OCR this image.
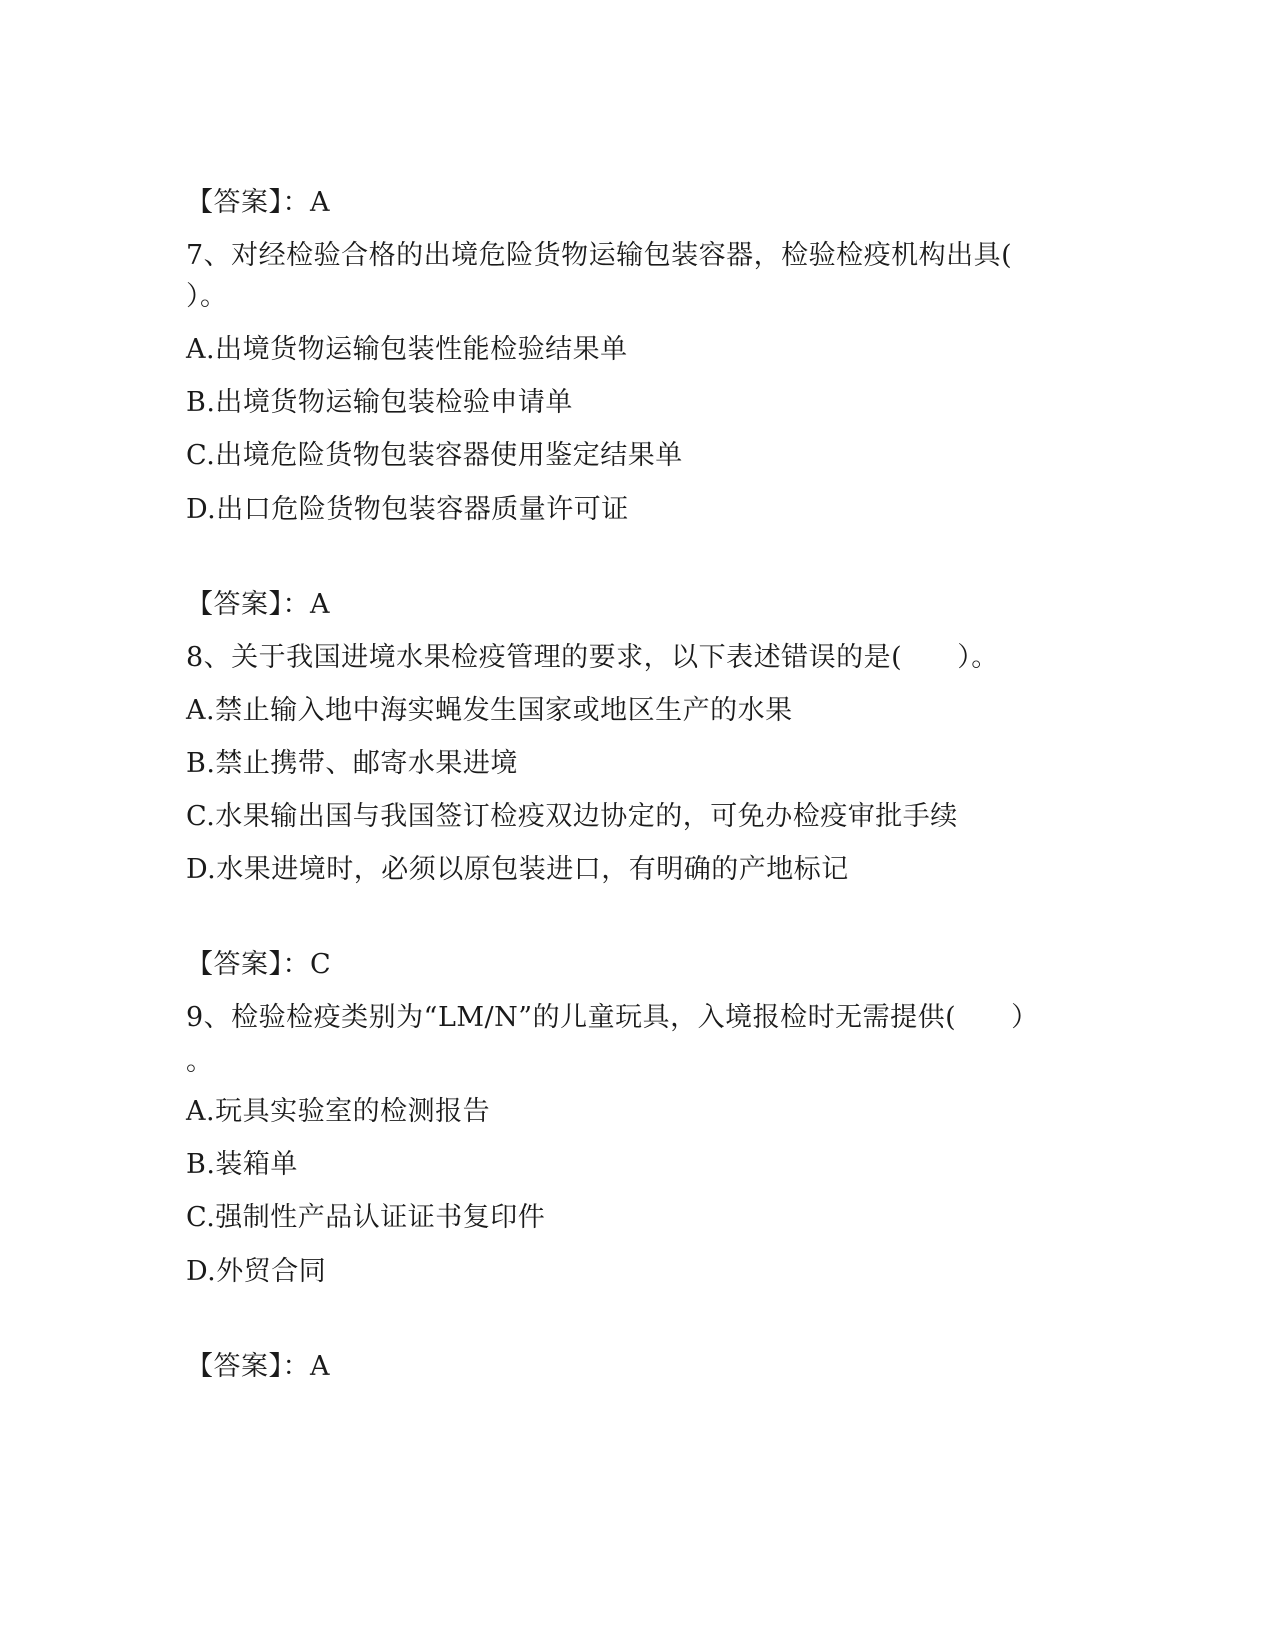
【答案】：A
7、对经检验合格的出境危险货物运输包装容器，检验检疫机构出具(
）。
A.出境货物运输包装性能检验结果单
B.出境货物运输包装检验申请单
C.出境危险货物包装容器使用鉴定结果单
D.出口危险货物包装容器质量许可证
【答案】：A
8、关于我国进境水果检疫管理的要求，以下表述错误的是(　　）。
A.禁止输入地中海实蝇发生国家或地区生产的水果
B.禁止携带、邮寄水果进境
C.水果输出国与我国签订检疫双边协定的，可免办检疫审批手续
D.水果进境时，必须以原包装进口，有明确的产地标记
【答案】：C
9、检验检疫类别为“LM/N”的儿童玩具，入境报检时无需提供(　　）
。
A.玩具实验室的检测报告
B.装箱单
C.强制性产品认证证书复印件
D.外贸合同
【答案】：A
